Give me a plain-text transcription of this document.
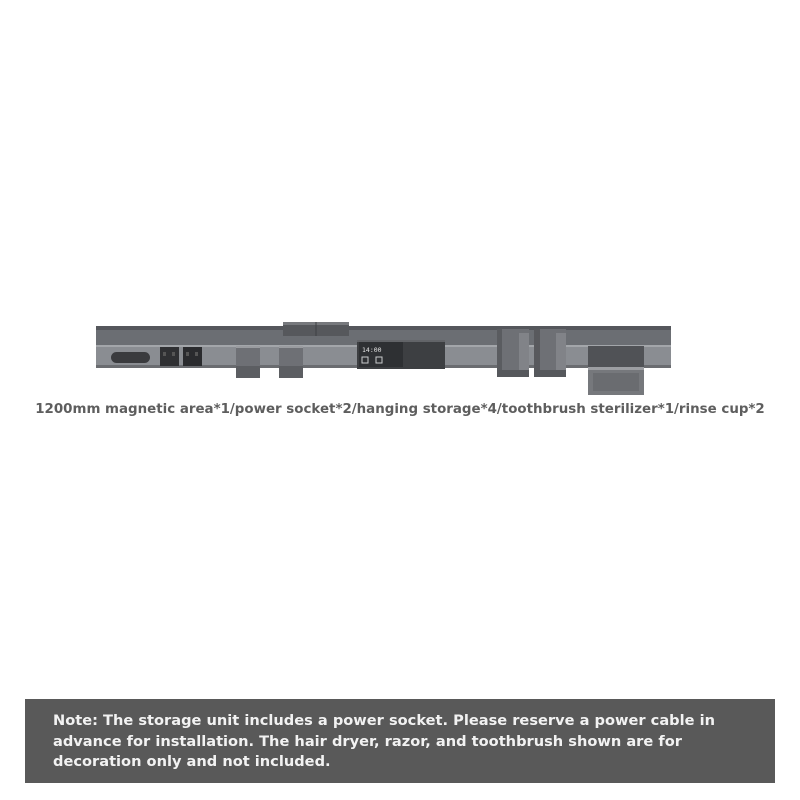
14:00
1200mm magnetic area*1/power socket*2/hanging storage*4/toothbrush sterilizer*1/rinse cup*2

Note: The storage unit includes a power socket. Please reserve a power cable in advance for installation. The hair dryer, razor, and toothbrush shown are for decoration only and not included.
